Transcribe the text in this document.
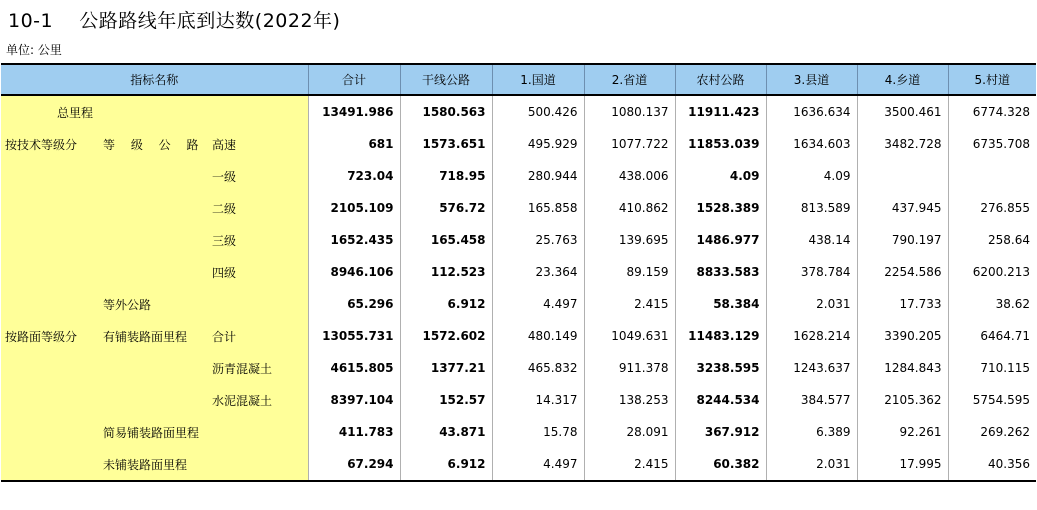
10-1    公路路线年底到达数(2022年)
单位: 公里
指标名称			合计	干线公路	1.国道	2.省道	农村公路	3.县道	4.乡道	5.村道
总里程			13491.986	1580.563	500.426	1080.137	11911.423	1636.634	3500.461	6774.328
按技术等级分	等 级 公 路	高速	681	1573.651	495.929	1077.722	11853.039	1634.603	3482.728	6735.708
		一级	723.04	718.95	280.944	438.006	4.09	4.09		
		二级	2105.109	576.72	165.858	410.862	1528.389	813.589	437.945	276.855
		三级	1652.435	165.458	25.763	139.695	1486.977	438.14	790.197	258.64
		四级	8946.106	112.523	23.364	89.159	8833.583	378.784	2254.586	6200.213
	等外公路		65.296	6.912	4.497	2.415	58.384	2.031	17.733	38.62
按路面等级分	有铺装路面里程	合计	13055.731	1572.602	480.149	1049.631	11483.129	1628.214	3390.205	6464.71
		沥青混凝土	4615.805	1377.21	465.832	911.378	3238.595	1243.637	1284.843	710.115
		水泥混凝土	8397.104	152.57	14.317	138.253	8244.534	384.577	2105.362	5754.595
	简易铺装路面里程		411.783	43.871	15.78	28.091	367.912	6.389	92.261	269.262
	未铺装路面里程		67.294	6.912	4.497	2.415	60.382	2.031	17.995	40.356
